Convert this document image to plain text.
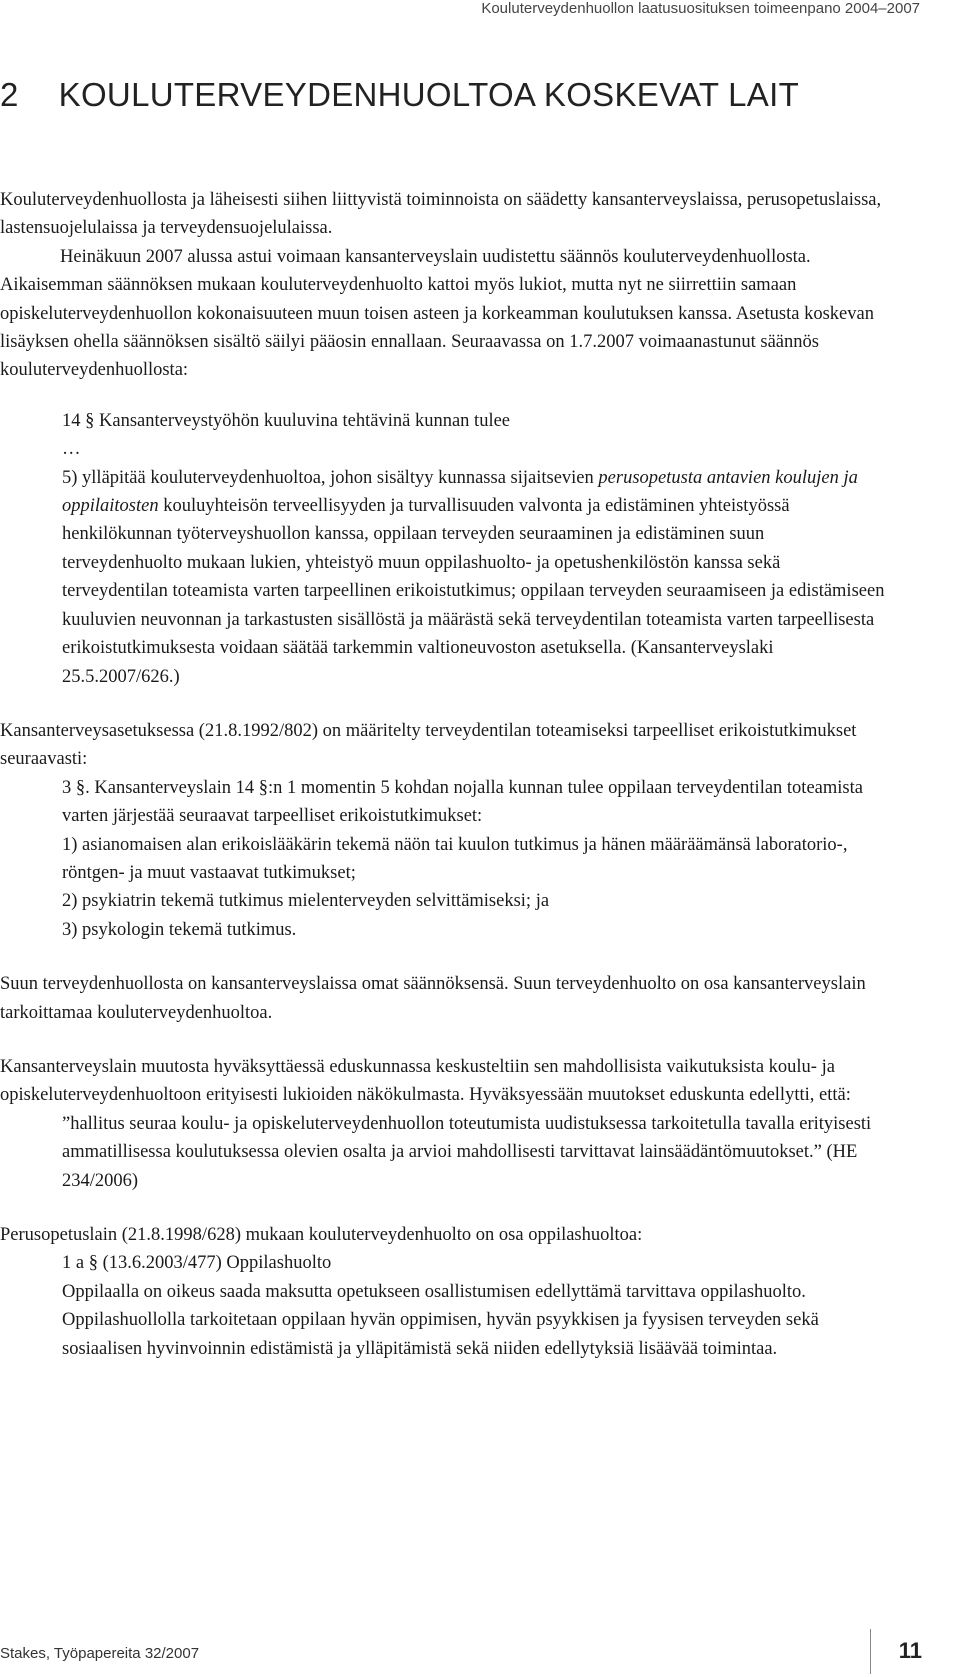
Kouluterveydenhuollon laatusuosituksen toimeenpano 2004–2007
2 KOULUTERVEYDENHUOLTOA KOSKEVAT LAIT

Kouluterveydenhuollosta ja läheisesti siihen liittyvistä toiminnoista on säädetty kansanterveyslaissa, perusopetuslaissa, lastensuojelulaissa ja terveydensuojelulaissa.

Heinäkuun 2007 alussa astui voimaan kansanterveyslain uudistettu säännös kouluterveydenhuollosta. Aikaisemman säännöksen mukaan kouluterveydenhuolto kattoi myös lukiot, mutta nyt ne siirrettiin samaan opiskeluterveydenhuollon kokonaisuuteen muun toisen asteen ja korkeamman koulutuksen kanssa. Asetusta koskevan lisäyksen ohella säännöksen sisältö säilyi pääosin ennallaan. Seuraavassa on 1.7.2007 voimaanastunut säännös kouluterveydenhuollosta:

14 § Kansanterveystyöhön kuuluvina tehtävinä kunnan tulee

…

5) ylläpitää kouluterveydenhuoltoa, johon sisältyy kunnassa sijaitsevien perusopetusta antavien koulujen ja oppilaitosten kouluyhteisön terveellisyyden ja turvallisuuden valvonta ja edistäminen yhteistyössä henkilökunnan työterveyshuollon kanssa, oppilaan terveyden seuraaminen ja edistäminen suun terveydenhuolto mukaan lukien, yhteistyö muun oppilashuolto- ja opetushenkilöstön kanssa sekä terveydentilan toteamista varten tarpeellinen erikoistutkimus; oppilaan terveyden seuraamiseen ja edistämiseen kuuluvien neuvonnan ja tarkastusten sisällöstä ja määrästä sekä terveydentilan toteamista varten tarpeellisesta erikoistutkimuksesta voidaan säätää tarkemmin valtioneuvoston asetuksella. (Kansanterveyslaki 25.5.2007/626.)

Kansanterveysasetuksessa (21.8.1992/802) on määritelty terveydentilan toteamiseksi tarpeelliset erikoistutkimukset seuraavasti:

3 §. Kansanterveyslain 14 §:n 1 momentin 5 kohdan nojalla kunnan tulee oppilaan terveydentilan toteamista varten järjestää seuraavat tarpeelliset erikoistutkimukset:

1) asianomaisen alan erikoislääkärin tekemä näön tai kuulon tutkimus ja hänen määräämänsä laboratorio-, röntgen- ja muut vastaavat tutkimukset;

2) psykiatrin tekemä tutkimus mielenterveyden selvittämiseksi; ja

3) psykologin tekemä tutkimus.

Suun terveydenhuollosta on kansanterveyslaissa omat säännöksensä. Suun terveydenhuolto on osa kansanterveyslain tarkoittamaa kouluterveydenhuoltoa.

Kansanterveyslain muutosta hyväksyttäessä eduskunnassa keskusteltiin sen mahdollisista vaikutuksista koulu- ja opiskeluterveydenhuoltoon erityisesti lukioiden näkökulmasta. Hyväksyessään muutokset eduskunta edellytti, että:

”hallitus seuraa koulu- ja opiskeluterveydenhuollon toteutumista uudistuksessa tarkoitetulla tavalla erityisesti ammatillisessa koulutuksessa olevien osalta ja arvioi mahdollisesti tarvittavat lainsäädäntömuutokset.” (HE 234/2006)

Perusopetuslain (21.8.1998/628) mukaan kouluterveydenhuolto on osa oppilashuoltoa:

1 a § (13.6.2003/477) Oppilashuolto

Oppilaalla on oikeus saada maksutta opetukseen osallistumisen edellyttämä tarvittava oppilashuolto. Oppilashuollolla tarkoitetaan oppilaan hyvän oppimisen, hyvän psyykkisen ja fyysisen terveyden sekä sosiaalisen hyvinvoinnin edistämistä ja ylläpitämistä sekä niiden edellytyksiä lisäävää toimintaa.

Stakes, Työpapereita 32/2007	11
